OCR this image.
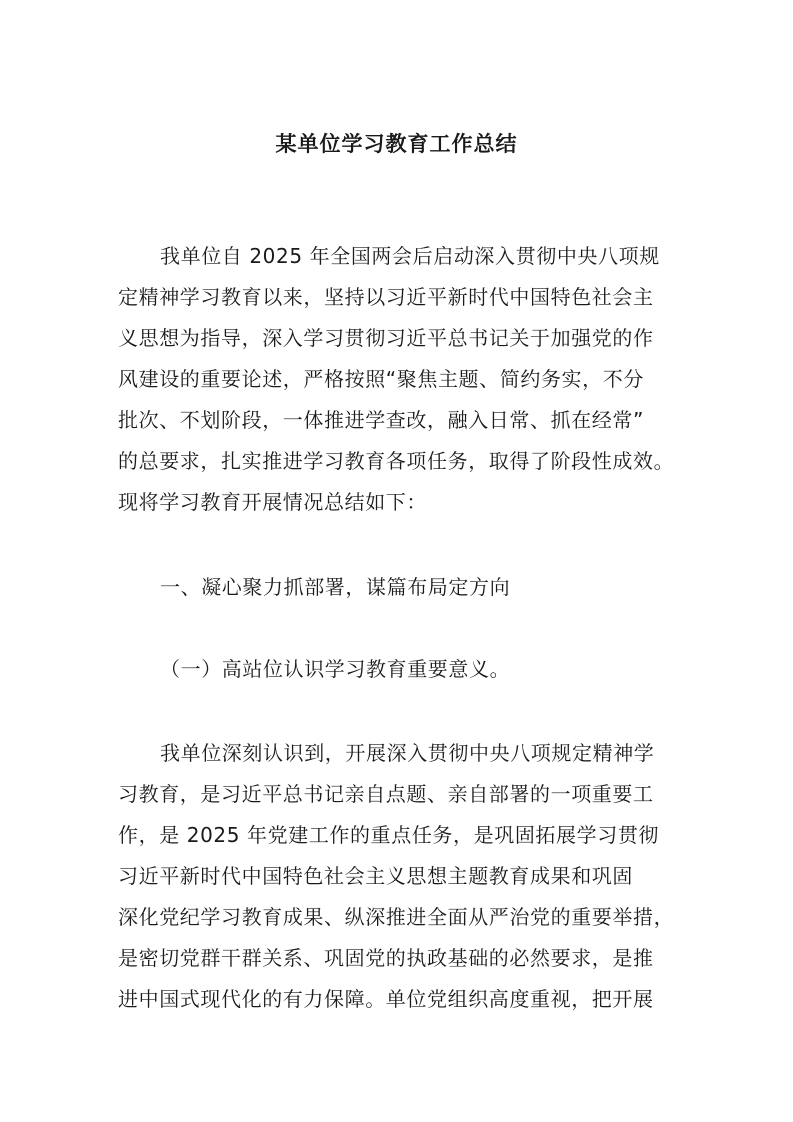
某单位学习教育工作总结
我单位自 2025 年全国两会后启动深入贯彻中央八项规
定精神学习教育以来，坚持以习近平新时代中国特色社会主
义思想为指导，深入学习贯彻习近平总书记关于加强党的作
风建设的重要论述，严格按照“聚焦主题、简约务实，不分
批次、不划阶段，一体推进学查改，融入日常、抓在经常”
的总要求，扎实推进学习教育各项任务，取得了阶段性成效。
现将学习教育开展情况总结如下：
一、凝心聚力抓部署，谋篇布局定方向
（一）高站位认识学习教育重要意义。
我单位深刻认识到，开展深入贯彻中央八项规定精神学
习教育，是习近平总书记亲自点题、亲自部署的一项重要工
作，是 2025 年党建工作的重点任务，是巩固拓展学习贯彻
习近平新时代中国特色社会主义思想主题教育成果和巩固
深化党纪学习教育成果、纵深推进全面从严治党的重要举措，
是密切党群干群关系、巩固党的执政基础的必然要求，是推
进中国式现代化的有力保障。单位党组织高度重视，把开展
